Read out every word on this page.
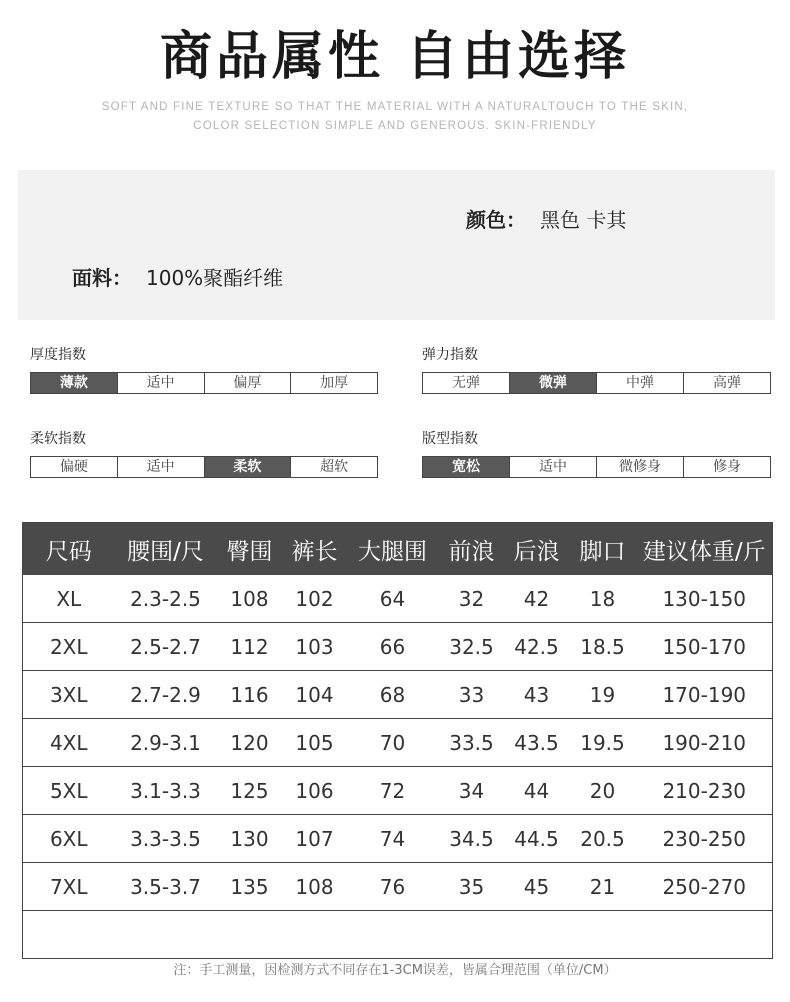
商品属性 自由选择
SOFT AND FINE TEXTURE SO THAT THE MATERIAL WITH A NATURALTOUCH TO THE SKIN,
COLOR SELECTION SIMPLE AND GENEROUS. SKIN-FRIENDLY
颜色： 黑色 卡其
面料： 100%聚酯纤维
厚度指数
薄款	适中	偏厚	加厚
弹力指数
无弹	微弹	中弹	高弹
柔软指数
偏硬	适中	柔软	超软
版型指数
宽松	适中	微修身	修身
尺码	腰围/尺	臀围	裤长	大腿围	前浪	后浪	脚口	建议体重/斤
XL	2.3-2.5	108	102	64	32	42	18	130-150
2XL	2.5-2.7	112	103	66	32.5	42.5	18.5	150-170
3XL	2.7-2.9	116	104	68	33	43	19	170-190
4XL	2.9-3.1	120	105	70	33.5	43.5	19.5	190-210
5XL	3.1-3.3	125	106	72	34	44	20	210-230
6XL	3.3-3.5	130	107	74	34.5	44.5	20.5	230-250
7XL	3.5-3.7	135	108	76	35	45	21	250-270

注：手工测量，因检测方式不同存在1-3CM误差，皆属合理范围（单位/CM）
